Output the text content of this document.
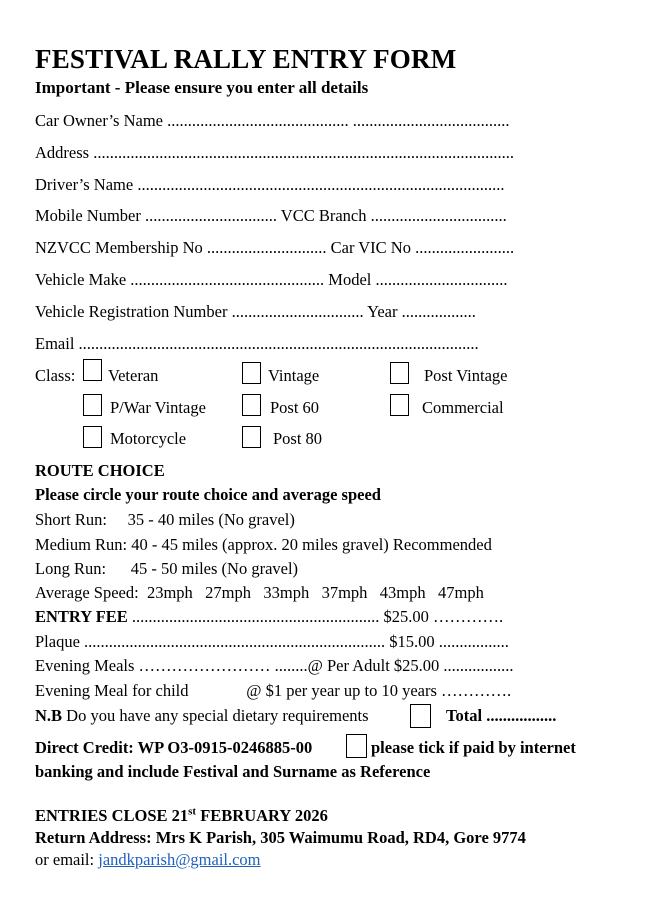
FESTIVAL RALLY ENTRY FORM
Important - Please ensure you enter all details
Car Owner’s Name ............................................ ......................................
Address ......................................................................................................
Driver’s Name .........................................................................................
Mobile Number ................................ VCC Branch .................................
NZVCC Membership No ............................. Car VIC No ........................
Vehicle Make ............................................... Model ................................
Vehicle Registration Number ................................ Year ..................
Email .................................................................................................
Class: Veteran	Vintage	Post Vintage
P/War Vintage	Post 60	Commercial
Motorcycle	Post 80
ROUTE CHOICE
Please circle your route choice and average speed
Short Run:     35 - 40 miles (No gravel)
Medium Run: 40 - 45 miles (approx. 20 miles gravel) Recommended
Long Run:      45 - 50 miles (No gravel)
Average Speed:  23mph   27mph   33mph   37mph   43mph   47mph
ENTRY FEE ............................................................ $25.00 ………….
Plaque ......................................................................... $15.00 .................
Evening Meals …………………… ........@ Per Adult $25.00 .................
Evening Meal for child              @ $1 per year up to 10 years ………….
N.B Do you have any special dietary requirements	Total .................
Direct Credit: WP O3-0915-0246885-00	please tick if paid by internet
banking and include Festival and Surname as Reference
ENTRIES CLOSE 21st FEBRUARY 2026
Return Address: Mrs K Parish, 305 Waimumu Road, RD4, Gore 9774
or email: jandkparish@gmail.com
